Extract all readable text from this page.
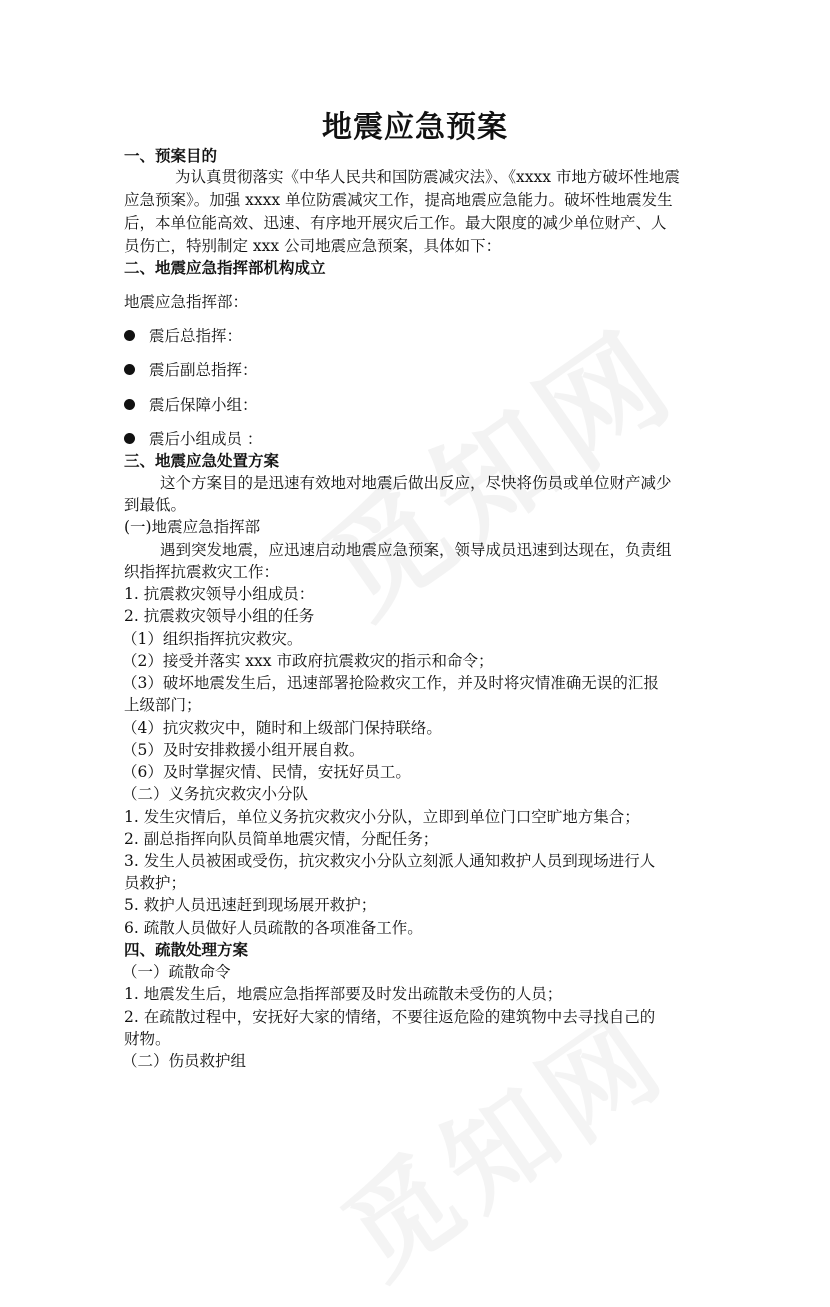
地震应急预案
一、预案目的
为认真贯彻落实《中华人民共和国防震减灾法》、《xxxx 市地方破坏性地震
应急预案》。加强 xxxx 单位防震减灾工作，提高地震应急能力。破坏性地震发生
后，本单位能高效、迅速、有序地开展灾后工作。最大限度的减少单位财产、人
员伤亡，特别制定 xxx 公司地震应急预案，具体如下：
二、地震应急指挥部机构成立
地震应急指挥部：
震后总指挥：
震后副总指挥：
震后保障小组：
震后小组成员 ：
三、地震应急处置方案
这个方案目的是迅速有效地对地震后做出反应，尽快将伤员或单位财产减少
到最低。
(一)地震应急指挥部
遇到突发地震，应迅速启动地震应急预案，领导成员迅速到达现在，负责组
织指挥抗震救灾工作：
1. 抗震救灾领导小组成员：
2. 抗震救灾领导小组的任务
（1）组织指挥抗灾救灾。
（2）接受并落实 xxx 市政府抗震救灾的指示和命令；
（3）破坏地震发生后，迅速部署抢险救灾工作，并及时将灾情准确无误的汇报
上级部门；
（4）抗灾救灾中，随时和上级部门保持联络。
（5）及时安排救援小组开展自救。
（6）及时掌握灾情、民情，安抚好员工。
（二）义务抗灾救灾小分队
1. 发生灾情后，单位义务抗灾救灾小分队，立即到单位门口空旷地方集合；
2. 副总指挥向队员简单地震灾情，分配任务；
3. 发生人员被困或受伤，抗灾救灾小分队立刻派人通知救护人员到现场进行人
员救护；
5. 救护人员迅速赶到现场展开救护；
6. 疏散人员做好人员疏散的各项准备工作。
四、疏散处理方案
（一）疏散命令
1. 地震发生后，地震应急指挥部要及时发出疏散未受伤的人员；
2. 在疏散过程中，安抚好大家的情绪，不要往返危险的建筑物中去寻找自己的
财物。
（二）伤员救护组
